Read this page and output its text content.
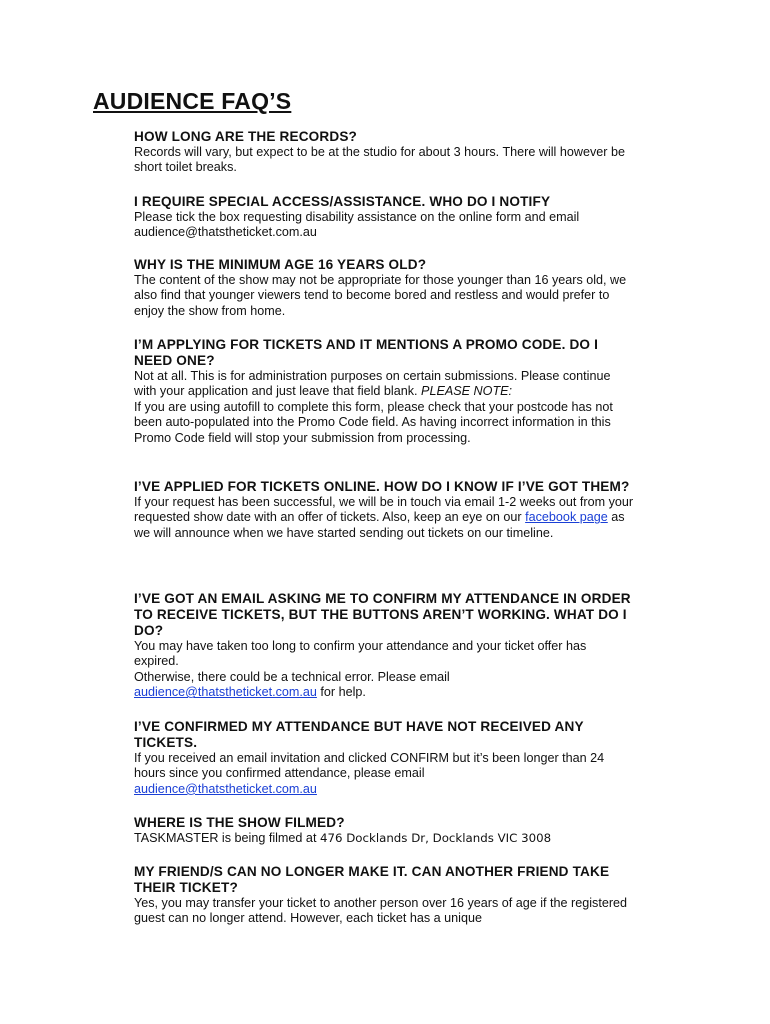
AUDIENCE FAQ’S

HOW LONG ARE THE RECORDS?

Records will vary, but expect to be at the studio for about 3 hours. There will however be short toilet breaks.

I REQUIRE SPECIAL ACCESS/ASSISTANCE. WHO DO I NOTIFY

Please tick the box requesting disability assistance on the online form and email audience@thatstheticket.com.au

WHY IS THE MINIMUM AGE 16 YEARS OLD?

The content of the show may not be appropriate for those younger than 16 years old, we also find that younger viewers tend to become bored and restless and would prefer to enjoy the show from home.

I’M APPLYING FOR TICKETS AND IT MENTIONS A PROMO CODE. DO I NEED ONE?

Not at all. This is for administration purposes on certain submissions. Please continue with your application and just leave that field blank. PLEASE NOTE:
If you are using autofill to complete this form, please check that your postcode has not been auto-populated into the Promo Code field. As having incorrect information in this Promo Code field will stop your submission from processing.

I’VE APPLIED FOR TICKETS ONLINE. HOW DO I KNOW IF I’VE GOT THEM?

If your request has been successful, we will be in touch via email 1-2 weeks out from your requested show date with an offer of tickets. Also, keep an eye on our facebook page as we will announce when we have started sending out tickets on our timeline.

I’VE GOT AN EMAIL ASKING ME TO CONFIRM MY ATTENDANCE IN ORDER TO RECEIVE TICKETS, BUT THE BUTTONS AREN’T WORKING. WHAT DO I DO?

You may have taken too long to confirm your attendance and your ticket offer has expired.
Otherwise, there could be a technical error. Please email
audience@thatstheticket.com.au for help.

I’VE CONFIRMED MY ATTENDANCE BUT HAVE NOT RECEIVED ANY TICKETS.

If you received an email invitation and clicked CONFIRM but it’s been longer than 24 hours since you confirmed attendance, please email
audience@thatstheticket.com.au

WHERE IS THE SHOW FILMED?

TASKMASTER is being filmed at 476 Docklands Dr, Docklands VIC 3008

MY FRIEND/S CAN NO LONGER MAKE IT. CAN ANOTHER FRIEND TAKE THEIR TICKET?

Yes, you may transfer your ticket to another person over 16 years of age if the registered guest can no longer attend. However, each ticket has a unique
